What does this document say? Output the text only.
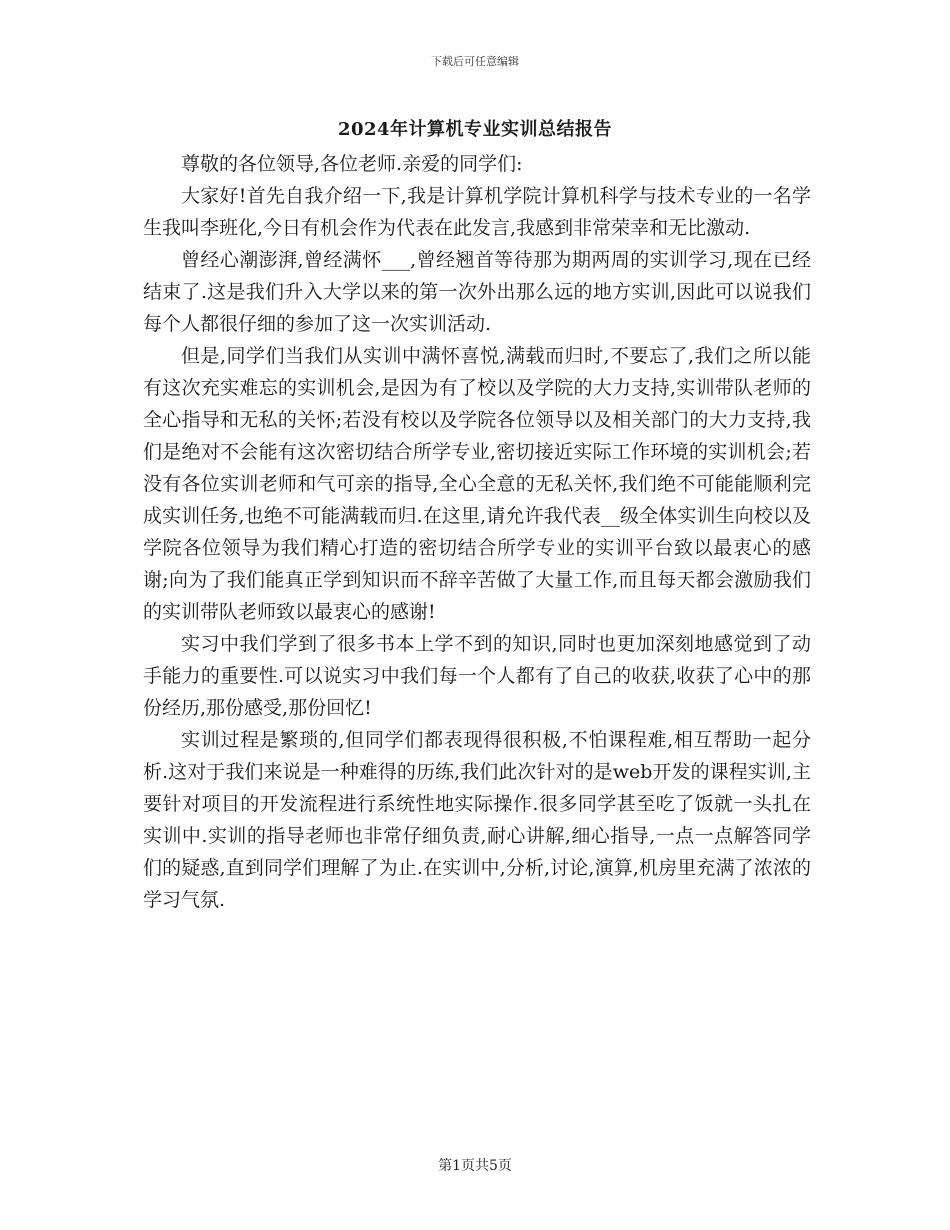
下载后可任意编辑
2024年计算机专业实训总结报告

尊敬的各位领导,各位老师.亲爱的同学们:

大家好!首先自我介绍一下,我是计算机学院计算机科学与技术专业的一名学生我叫李班化,今日有机会作为代表在此发言,我感到非常荣幸和无比激动.

曾经心潮澎湃,曾经满怀___,曾经翘首等待那为期两周的实训学习,现在已经结束了.这是我们升入大学以来的第一次外出那么远的地方实训,因此可以说我们每个人都很仔细的参加了这一次实训活动.

但是,同学们当我们从实训中满怀喜悦,满载而归时,不要忘了,我们之所以能有这次充实难忘的实训机会,是因为有了校以及学院的大力支持,实训带队老师的全心指导和无私的关怀;若没有校以及学院各位领导以及相关部门的大力支持,我们是绝对不会能有这次密切结合所学专业,密切接近实际工作环境的实训机会;若没有各位实训老师和气可亲的指导,全心全意的无私关怀,我们绝不可能能顺利完成实训任务,也绝不可能满载而归.在这里,请允许我代表__级全体实训生向校以及学院各位领导为我们精心打造的密切结合所学专业的实训平台致以最衷心的感谢;向为了我们能真正学到知识而不辞辛苦做了大量工作,而且每天都会激励我们的实训带队老师致以最衷心的感谢!

实习中我们学到了很多书本上学不到的知识,同时也更加深刻地感觉到了动手能力的重要性.可以说实习中我们每一个人都有了自己的收获,收获了心中的那份经历,那份感受,那份回忆!

实训过程是繁琐的,但同学们都表现得很积极,不怕课程难,相互帮助一起分析.这对于我们来说是一种难得的历练,我们此次针对的是web开发的课程实训,主要针对项目的开发流程进行系统性地实际操作.很多同学甚至吃了饭就一头扎在实训中.实训的指导老师也非常仔细负责,耐心讲解,细心指导,一点一点解答同学们的疑惑,直到同学们理解了为止.在实训中,分析,讨论,演算,机房里充满了浓浓的学习气氛.

第1页共5页
